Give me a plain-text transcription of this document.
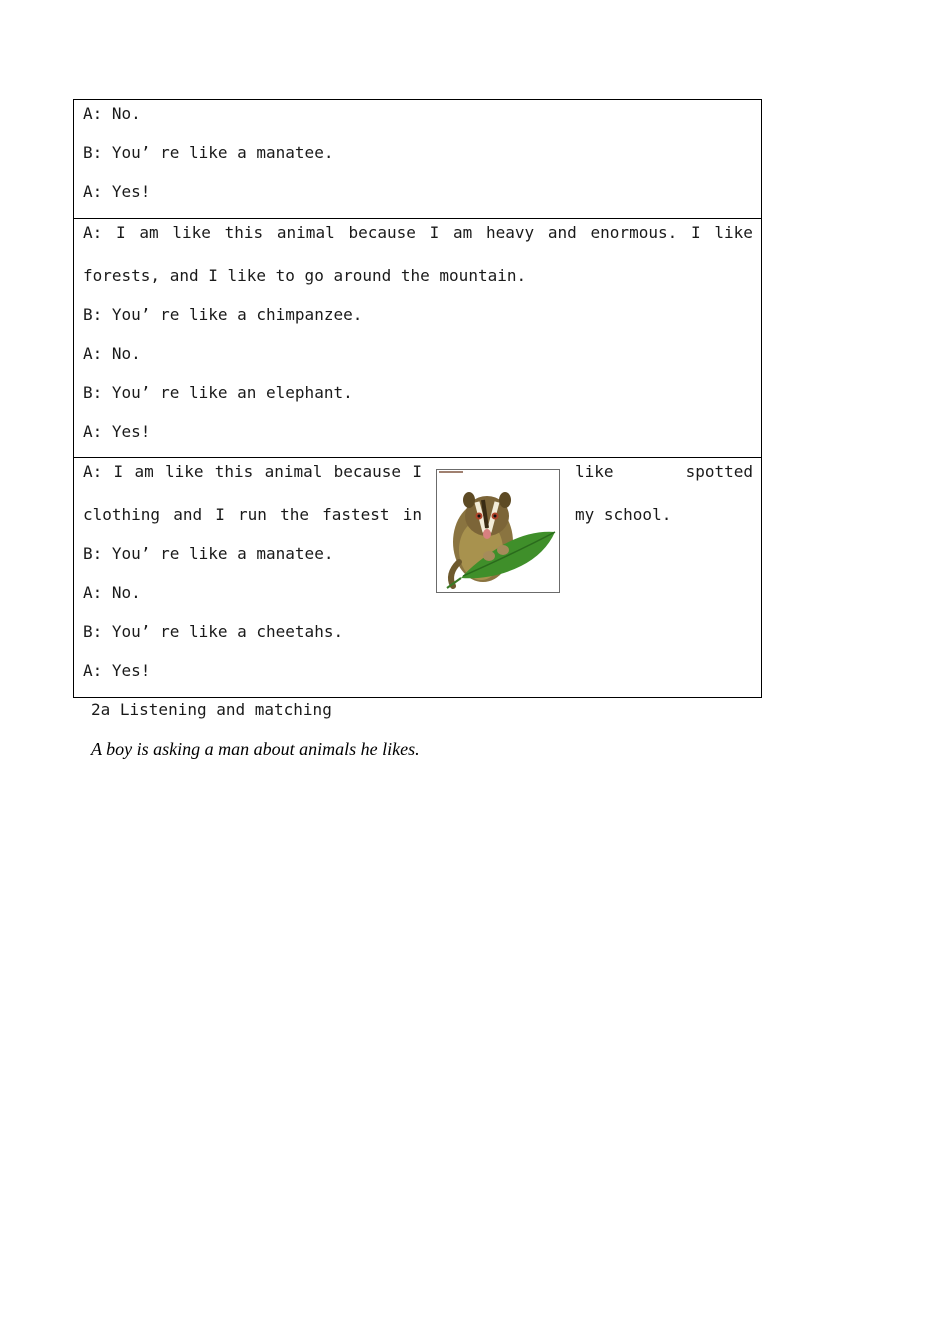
A: No.
B: You’ re like a manatee.
A: Yes!
A: I am like this animal because I am heavy and enormous. I like
forests, and I like to go around the mountain.
B: You’ re like a chimpanzee.
A: No.
B: You’ re like an elephant.
A: Yes!
A: I am like this animal because I	like	spotted
clothing and I run the fastest in	my school.
B: You’ re like a manatee.
A: No.
B: You’ re like a cheetahs.
A: Yes!
2a Listening and matching
A boy is asking a man about animals he likes.
